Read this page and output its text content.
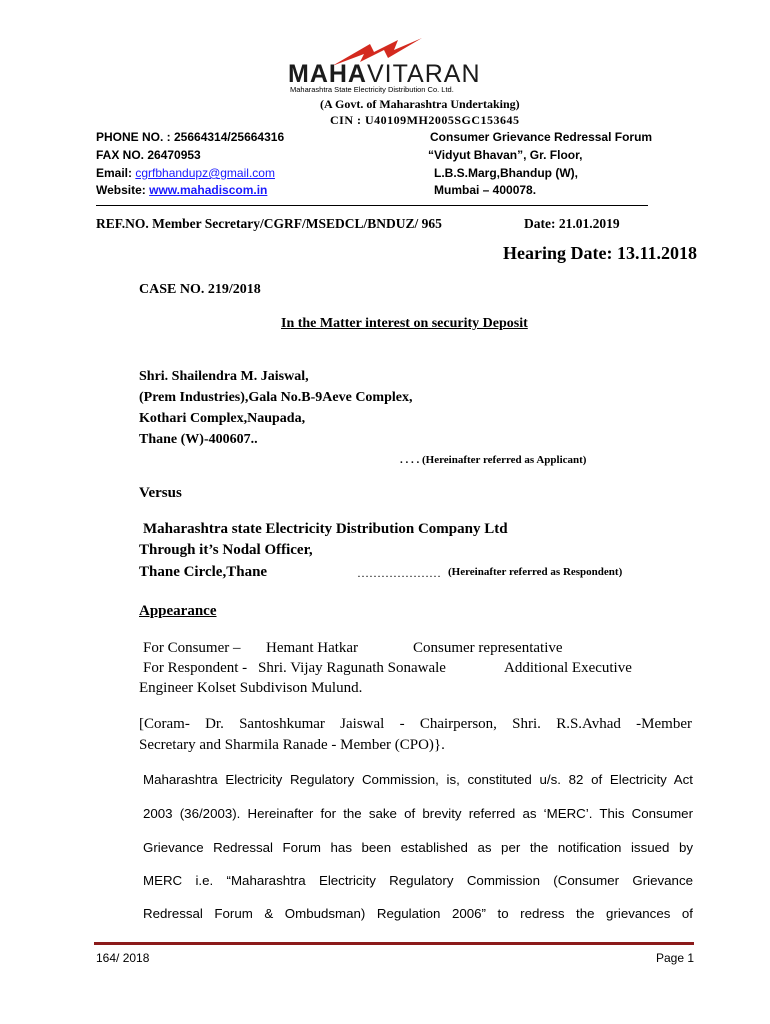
MAHAVITARAN
Maharashtra State Electricity Distribution Co. Ltd.
(A Govt. of Maharashtra Undertaking)
CIN : U40109MH2005SGC153645
PHONE NO. : 25664314/25664316
FAX NO. 26470953
Email: cgrfbhandupz@gmail.com
Website: www.mahadiscom.in
Consumer Grievance Redressal Forum
“Vidyut Bhavan”, Gr. Floor,
L.B.S.Marg,Bhandup (W),
Mumbai – 400078.
REF.NO. Member Secretary/CGRF/MSEDCL/BNDUZ/ 965	Date: 21.01.2019
Hearing Date: 13.11.2018
CASE NO. 219/2018
In the Matter interest on security Deposit
Shri. Shailendra M. Jaiswal,
(Prem Industries),Gala No.B-9Aeve Complex,
Kothari Complex,Naupada,
Thane (W)-400607..
. . . . (Hereinafter referred as Applicant)
Versus
Maharashtra state Electricity Distribution Company Ltd
Through it’s Nodal Officer,
Thane Circle,Thane	………………… (Hereinafter referred as Respondent)
Appearance
For Consumer – Hemant Hatkar	Consumer representative
For Respondent - Shri. Vijay Ragunath Sonawale	Additional Executive
Engineer Kolset Subdivison Mulund.
[Coram- Dr. Santoshkumar Jaiswal - Chairperson, Shri. R.S.Avhad -Member
Secretary and Sharmila Ranade - Member (CPO)}.
Maharashtra Electricity Regulatory Commission, is, constituted u/s. 82 of Electricity Act
2003 (36/2003). Hereinafter for the sake of brevity referred as ‘MERC’. This Consumer
Grievance Redressal Forum has been established as per the notification issued by
MERC i.e. “Maharashtra Electricity Regulatory Commission (Consumer Grievance
Redressal Forum & Ombudsman) Regulation 2006” to redress the grievances of
164/ 2018	Page 1
